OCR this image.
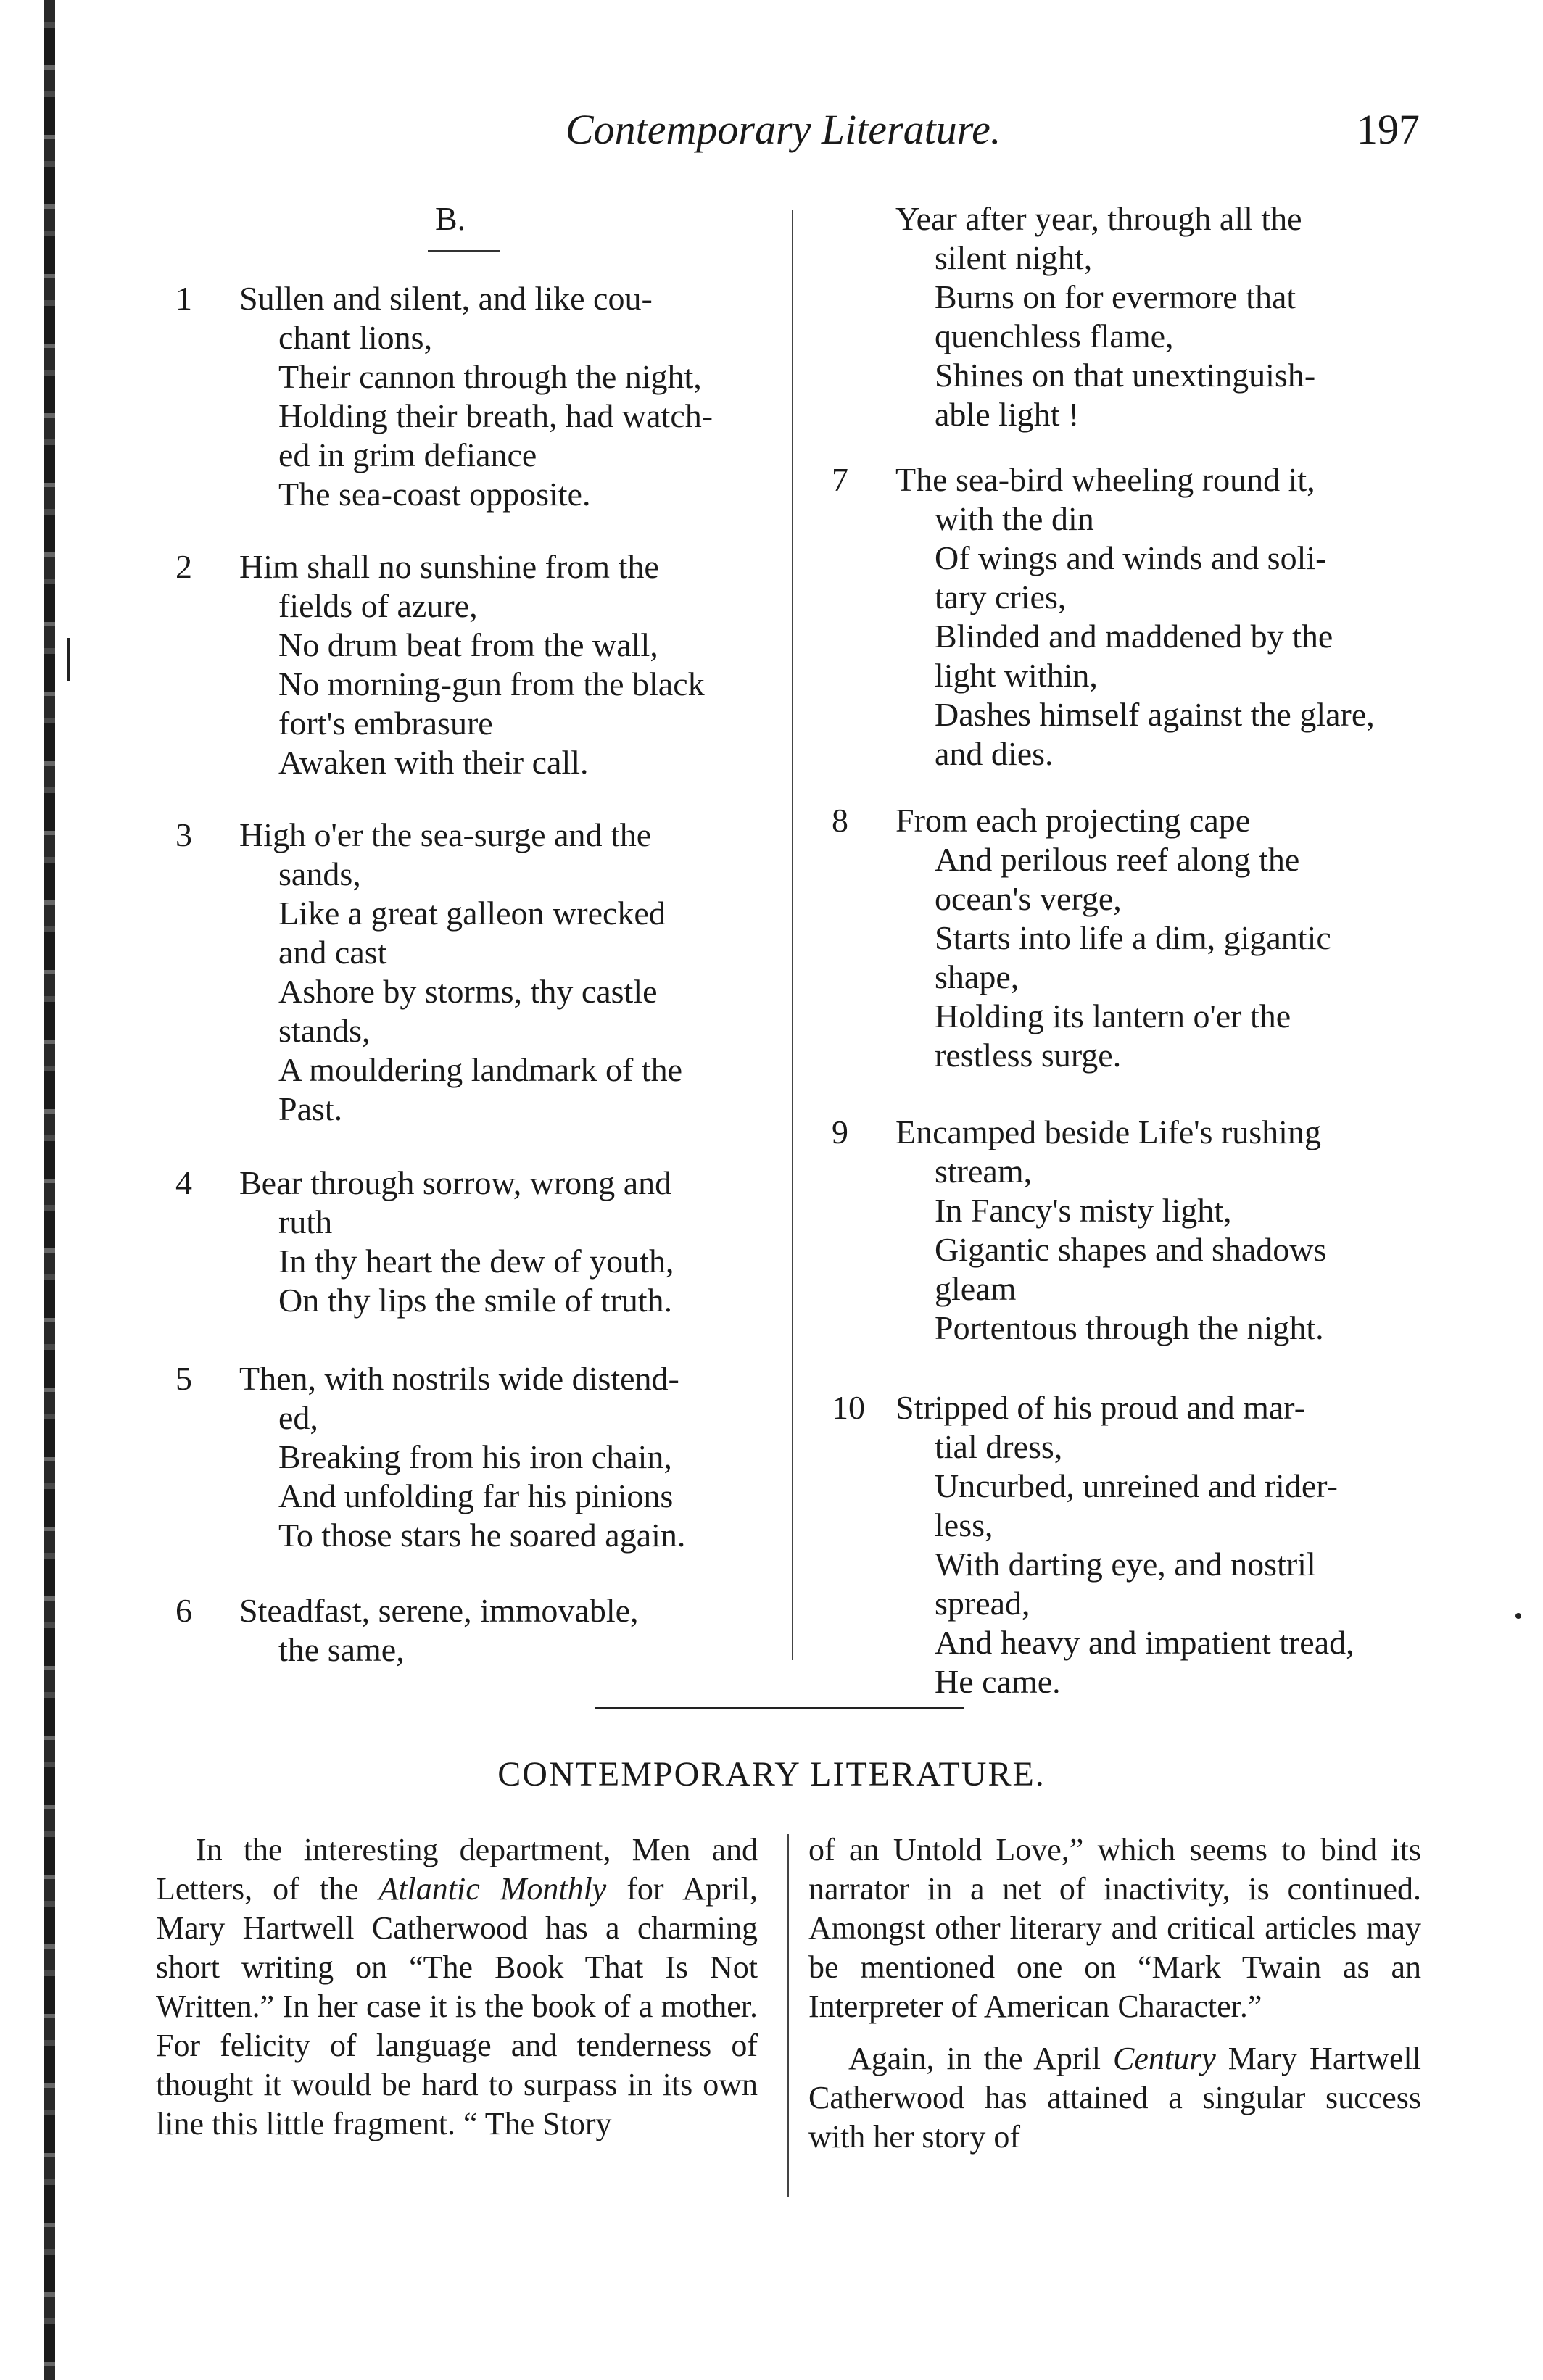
Contemporary Literature.	197
B.
1	Sullen and silent, and like cou-
chant lions,
Their cannon through the night,
Holding their breath, had watch-
ed in grim defiance
The sea-coast opposite.
2	Him shall no sunshine from the
fields of azure,
No drum beat from the wall,
No morning-gun from the black
fort's embrasure
Awaken with their call.
3	High o'er the sea-surge and the
sands,
Like a great galleon wrecked
and cast
Ashore by storms, thy castle
stands,
A mouldering landmark of the
Past.
4	Bear through sorrow, wrong and
ruth
In thy heart the dew of youth,
On thy lips the smile of truth.
5	Then, with nostrils wide distend-
ed,
Breaking from his iron chain,
And unfolding far his pinions
To those stars he soared again.
6	Steadfast, serene, immovable,
the same,
Year after year, through all the
silent night,
Burns on for evermore that
quenchless flame,
Shines on that unextinguish-
able light !
7	The sea-bird wheeling round it,
with the din
Of wings and winds and soli-
tary cries,
Blinded and maddened by the
light within,
Dashes himself against the glare,
and dies.
8	From each projecting cape
And perilous reef along the
ocean's verge,
Starts into life a dim, gigantic
shape,
Holding its lantern o'er the
restless surge.
9	Encamped beside Life's rushing
stream,
In Fancy's misty light,
Gigantic shapes and shadows
gleam
Portentous through the night.
10 Stripped of his proud and mar-
tial dress,
Uncurbed, unreined and rider-
less,
With darting eye, and nostril
spread,
And heavy and impatient tread,
He came.
CONTEMPORARY LITERATURE.

In the interesting department, Men and Letters, of the Atlantic Monthly for April, Mary Hartwell Catherwood has a charming short writing on “The Book That Is Not Written.” In her case it is the book of a mother. For felicity of language and tenderness of thought it would be hard to surpass in its own line this little fragment. “ The Story

of an Untold Love,” which seems to bind its narrator in a net of inactivity, is continued. Amongst other literary and critical articles may be mentioned one on “Mark Twain as an Interpreter of American Character.”

Again, in the April Century Mary Hartwell Catherwood has attained a singular success with her story of
